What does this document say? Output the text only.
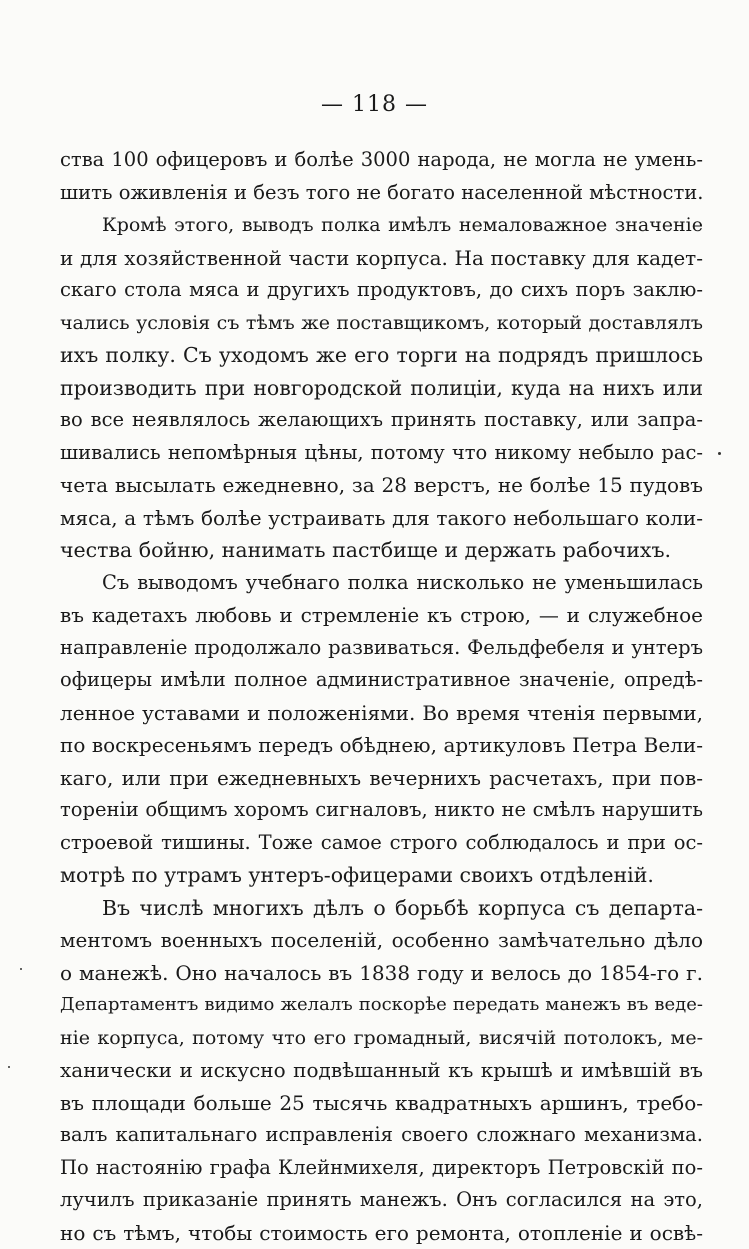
— 118 —
ства 100 офицеровъ и болѣе 3000 народа, не могла не умень-
шить оживленія и безъ того не богато населенной мѣстности.
Кромѣ этого, выводъ полка имѣлъ немаловажное значеніе
и для хозяйственной части корпуса. На поставку для кадет-
скаго стола мяса и другихъ продуктовъ, до сихъ поръ заклю-
чались условія съ тѣмъ же поставщикомъ, который доставлялъ
ихъ полку. Съ уходомъ же его торги на подрядъ пришлось
производить при новгородской полиціи, куда на нихъ или
во все неявлялось желающихъ принять поставку, или запра-
шивались непомѣрныя цѣны, потому что никому небыло рас-
чета высылать ежедневно, за 28 верстъ, не болѣе 15 пудовъ
мяса, а тѣмъ болѣе устраивать для такого небольшаго коли-
чества бойню, нанимать пастбище и держать рабочихъ.
Съ выводомъ учебнаго полка нисколько не уменьшилась
въ кадетахъ любовь и стремленіе къ строю, — и служебное
направленіе продолжало развиваться. Фельдфебеля и унтеръ
офицеры имѣли полное административное значеніе, опредѣ-
ленное уставами и положеніями. Во время чтенія первыми,
по воскресеньямъ передъ обѣднею, артикуловъ Петра Вели-
каго, или при ежедневныхъ вечернихъ расчетахъ, при пов-
тореніи общимъ хоромъ сигналовъ, никто не смѣлъ нарушить
строевой тишины. Тоже самое строго соблюдалось и при ос-
мотрѣ по утрамъ унтеръ-офицерами своихъ отдѣленій.
Въ числѣ многихъ дѣлъ о борьбѣ корпуса съ департа-
ментомъ военныхъ поселеній, особенно замѣчательно дѣло
о манежѣ. Оно началось въ 1838 году и велось до 1854-го г.
Департаментъ видимо желалъ поскорѣе передать манежъ въ веде-
ніе корпуса, потому что его громадный, висячій потолокъ, ме-
ханически и искусно подвѣшанный къ крышѣ и имѣвшій въ
въ площади больше 25 тысячь квадратныхъ аршинъ, требо-
валъ капитальнаго исправленія своего сложнаго механизма.
По настоянію графа Клейнмихеля, директоръ Петровскій по-
лучилъ приказаніе принять манежъ. Онъ согласился на это,
но съ тѣмъ, чтобы стоимость его ремонта, отопленіе и освѣ-
